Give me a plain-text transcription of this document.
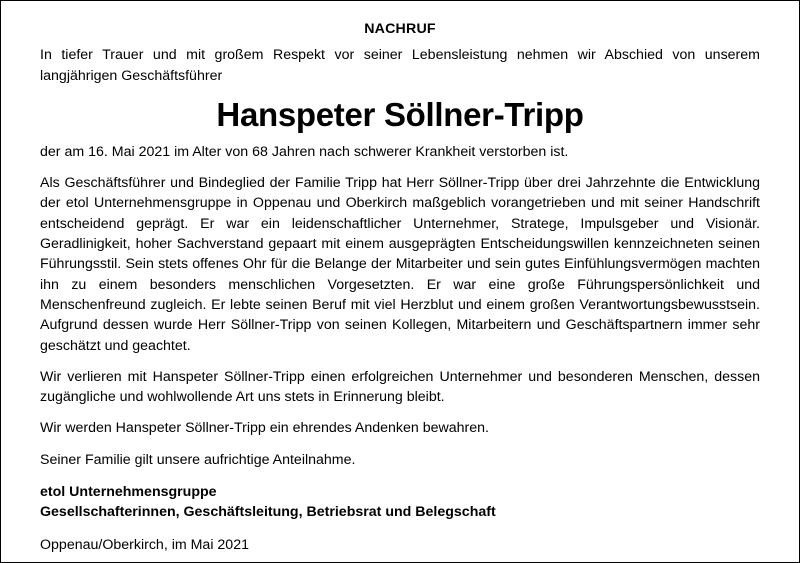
NACHRUF

In tiefer Trauer und mit großem Respekt vor seiner Lebensleistung nehmen wir Abschied von unserem langjährigen Geschäftsführer

Hanspeter Söllner-Tripp

der am 16. Mai 2021 im Alter von 68 Jahren nach schwerer Krankheit verstorben ist.

Als Geschäftsführer und Bindeglied der Familie Tripp hat Herr Söllner-Tripp über drei Jahrzehnte die Entwicklung der etol Unternehmensgruppe in Oppenau und Oberkirch maßgeblich vorangetrieben und mit seiner Handschrift entscheidend geprägt. Er war ein leidenschaftlicher Unternehmer, Stratege, Impulsgeber und Visionär. Geradlinigkeit, hoher Sachverstand gepaart mit einem ausgeprägten Entscheidungswillen kennzeichneten seinen Führungsstil. Sein stets offenes Ohr für die Belange der Mitarbeiter und sein gutes Einfühlungsvermögen machten ihn zu einem besonders menschlichen Vorgesetzten. Er war eine große Führungspersönlichkeit und Menschenfreund zugleich. Er lebte seinen Beruf mit viel Herzblut und einem großen Verantwortungsbewusstsein. Aufgrund dessen wurde Herr Söllner-Tripp von seinen Kollegen, Mitarbeitern und Geschäftspartnern immer sehr geschätzt und geachtet.

Wir verlieren mit Hanspeter Söllner-Tripp einen erfolgreichen Unternehmer und besonderen Menschen, dessen zugängliche und wohlwollende Art uns stets in Erinnerung bleibt.

Wir werden Hanspeter Söllner-Tripp ein ehrendes Andenken bewahren.

Seiner Familie gilt unsere aufrichtige Anteilnahme.

etol Unternehmensgruppe
Gesellschafterinnen, Geschäftsleitung, Betriebsrat und Belegschaft
Oppenau/Oberkirch, im Mai 2021
